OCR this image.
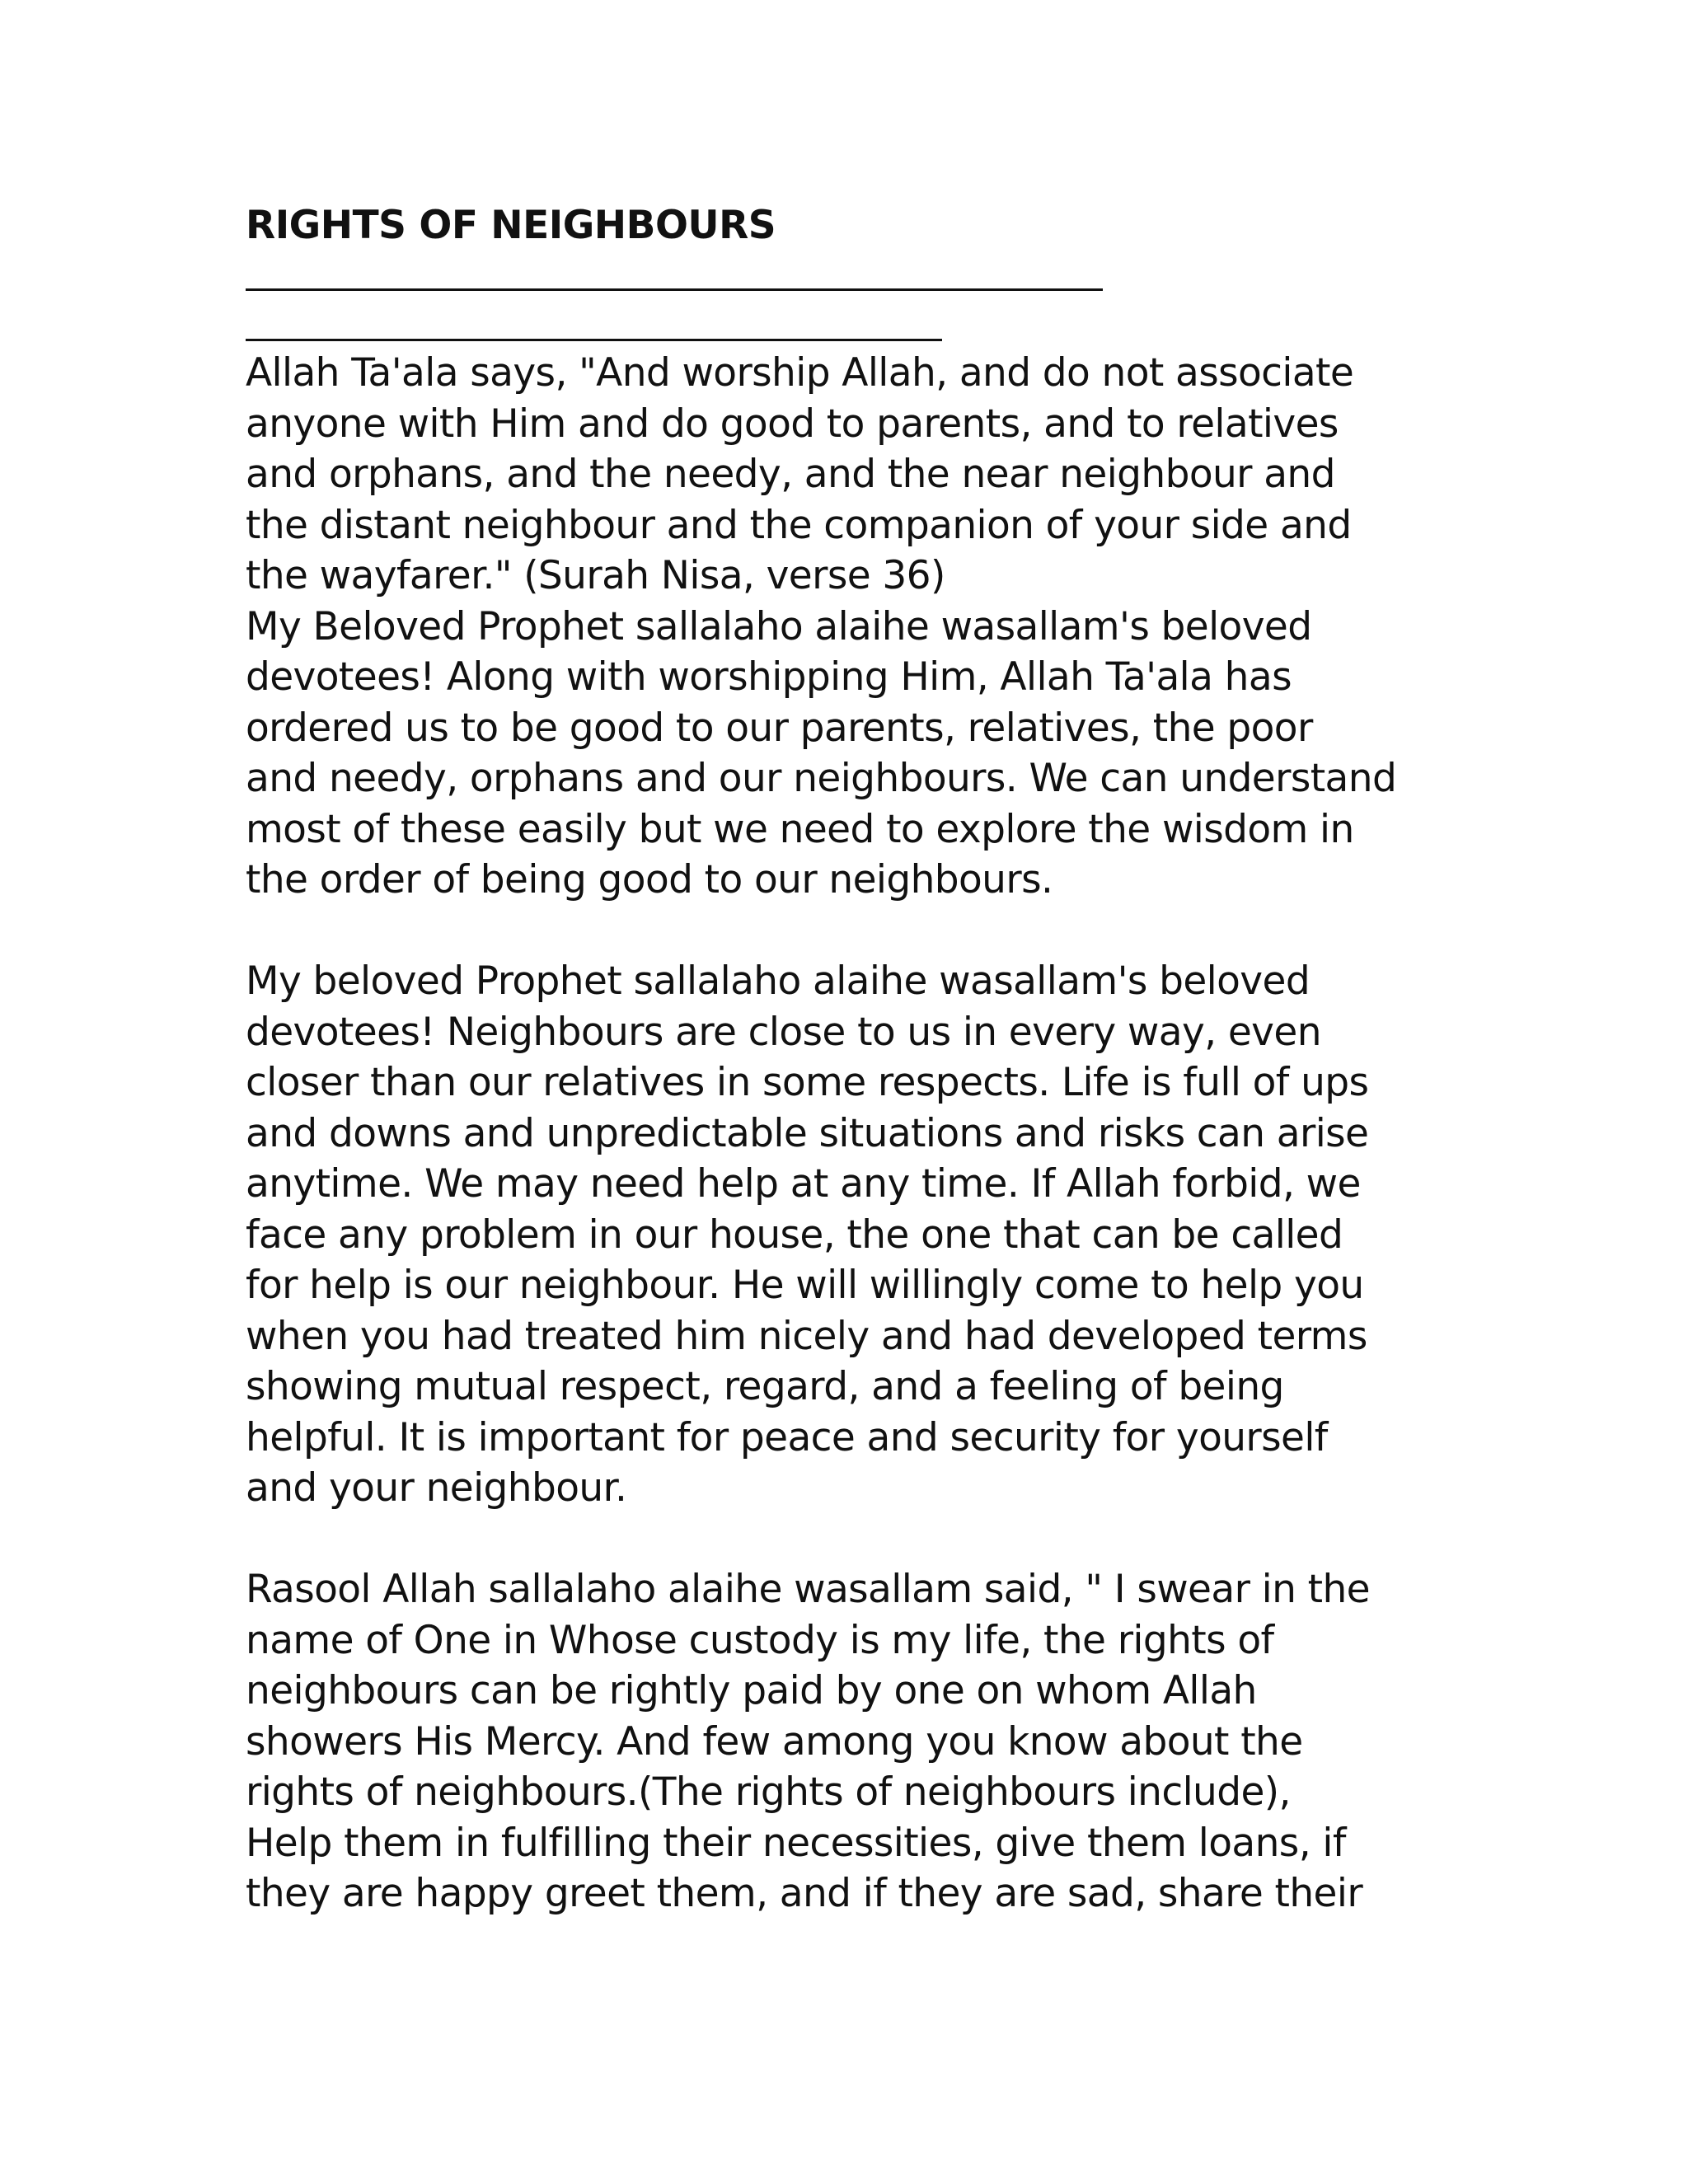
RIGHTS OF NEIGHBOURS
Allah Ta'ala says, "And worship Allah, and do not associate
anyone with Him and do good to parents, and to relatives
and orphans, and the needy, and the near neighbour and
the distant neighbour and the companion of your side and
the wayfarer." (Surah Nisa, verse 36)
My Beloved Prophet sallalaho alaihe wasallam's beloved
devotees! Along with worshipping Him, Allah Ta'ala has
ordered us to be good to our parents, relatives, the poor
and needy, orphans and our neighbours. We can understand
most of these easily but we need to explore the wisdom in
the order of being good to our neighbours.
My beloved Prophet sallalaho alaihe wasallam's beloved
devotees! Neighbours are close to us in every way, even
closer than our relatives in some respects. Life is full of ups
and downs and unpredictable situations and risks can arise
anytime. We may need help at any time. If Allah forbid, we
face any problem in our house, the one that can be called
for help is our neighbour. He will willingly come to help you
when you had treated him nicely and had developed terms
showing mutual respect, regard, and a feeling of being
helpful. It is important for peace and security for yourself
and your neighbour.
Rasool Allah sallalaho alaihe wasallam said, " I swear in the
name of One in Whose custody is my life, the rights of
neighbours can be rightly paid by one on whom Allah
showers His Mercy. And few among you know about the
rights of neighbours.(The rights of neighbours include),
Help them in fulfilling their necessities, give them loans, if
they are happy greet them, and if they are sad, share their
